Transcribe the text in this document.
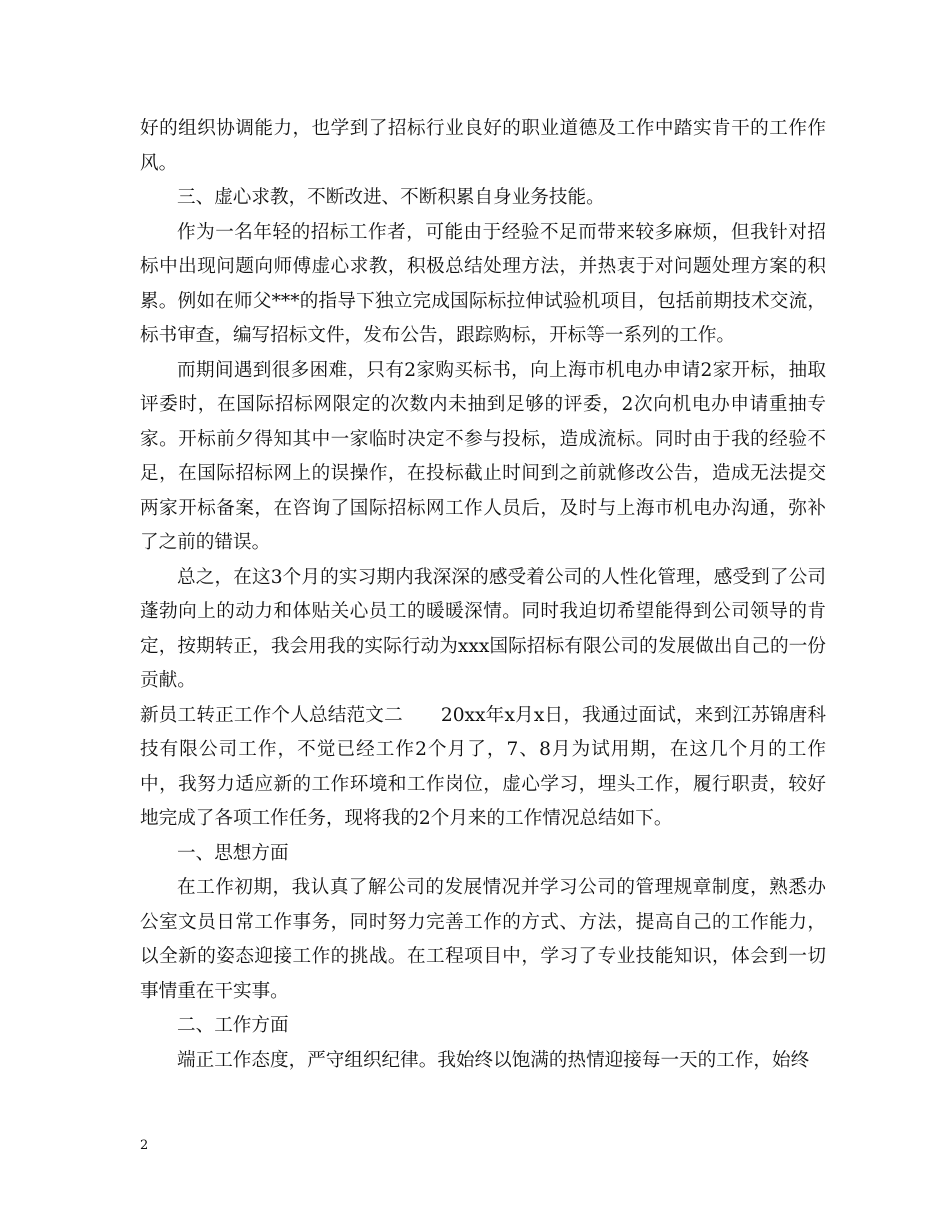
好的组织协调能力，也学到了招标行业良好的职业道德及工作中踏实肯干的工作作风。

三、虚心求教，不断改进、不断积累自身业务技能。

作为一名年轻的招标工作者，可能由于经验不足而带来较多麻烦，但我针对招标中出现问题向师傅虚心求教，积极总结处理方法，并热衷于对问题处理方案的积累。例如在师父***的指导下独立完成国际标拉伸试验机项目，包括前期技术交流，标书审查，编写招标文件，发布公告，跟踪购标，开标等一系列的工作。

而期间遇到很多困难，只有2家购买标书，向上海市机电办申请2家开标，抽取评委时，在国际招标网限定的次数内未抽到足够的评委，2次向机电办申请重抽专家。开标前夕得知其中一家临时决定不参与投标，造成流标。同时由于我的经验不足，在国际招标网上的误操作，在投标截止时间到之前就修改公告，造成无法提交两家开标备案，在咨询了国际招标网工作人员后，及时与上海市机电办沟通，弥补了之前的错误。

总之，在这3个月的实习期内我深深的感受着公司的人性化管理，感受到了公司蓬勃向上的动力和体贴关心员工的暖暖深情。同时我迫切希望能得到公司领导的肯定，按期转正，我会用我的实际行动为xxx国际招标有限公司的发展做出自己的一份贡献。

新员工转正工作个人总结范文二 20xx年x月x日，我通过面试，来到江苏锦唐科技有限公司工作，不觉已经工作2个月了，7、8月为试用期，在这几个月的工作中，我努力适应新的工作环境和工作岗位，虚心学习，埋头工作，履行职责，较好地完成了各项工作任务，现将我的2个月来的工作情况总结如下。

一、思想方面

在工作初期，我认真了解公司的发展情况并学习公司的管理规章制度，熟悉办公室文员日常工作事务，同时努力完善工作的方式、方法，提高自己的工作能力，以全新的姿态迎接工作的挑战。在工程项目中，学习了专业技能知识，体会到一切事情重在干实事。

二、工作方面

端正工作态度，严守组织纪律。我始终以饱满的热情迎接每一天的工作，始终

2
